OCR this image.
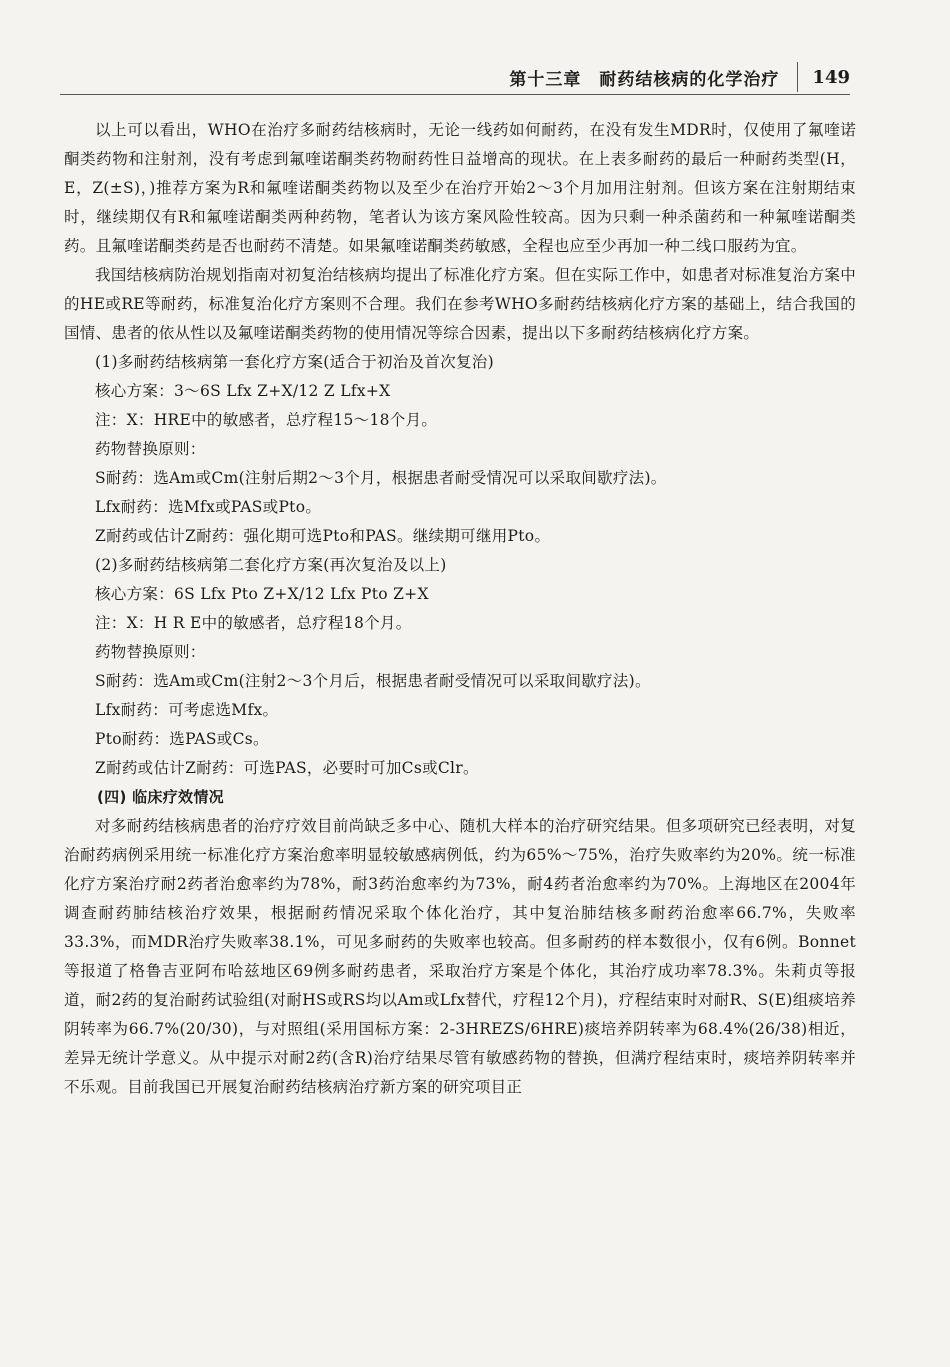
第十三章　耐药结核病的化学治疗	149

以上可以看出，WHO在治疗多耐药结核病时，无论一线药如何耐药，在没有发生MDR时，仅使用了氟喹诺酮类药物和注射剂，没有考虑到氟喹诺酮类药物耐药性日益增高的现状。在上表多耐药的最后一种耐药类型(H，E，Z(±S)，)推荐方案为R和氟喹诺酮类药物以及至少在治疗开始2～3个月加用注射剂。但该方案在注射期结束时，继续期仅有R和氟喹诺酮类两种药物，笔者认为该方案风险性较高。因为只剩一种杀菌药和一种氟喹诺酮类药。且氟喹诺酮类药是否也耐药不清楚。如果氟喹诺酮类药敏感，全程也应至少再加一种二线口服药为宜。

我国结核病防治规划指南对初复治结核病均提出了标准化疗方案。但在实际工作中，如患者对标准复治方案中的HE或RE等耐药，标准复治化疗方案则不合理。我们在参考WHO多耐药结核病化疗方案的基础上，结合我国的国情、患者的依从性以及氟喹诺酮类药物的使用情况等综合因素，提出以下多耐药结核病化疗方案。

(1)多耐药结核病第一套化疗方案(适合于初治及首次复治)

核心方案：3～6S Lfx Z+X/12 Z Lfx+X

注：X：HRE中的敏感者，总疗程15～18个月。

药物替换原则：

S耐药：选Am或Cm(注射后期2～3个月，根据患者耐受情况可以采取间歇疗法)。

Lfx耐药：选Mfx或PAS或Pto。

Z耐药或估计Z耐药：强化期可选Pto和PAS。继续期可继用Pto。

(2)多耐药结核病第二套化疗方案(再次复治及以上)

核心方案：6S Lfx Pto Z+X/12 Lfx Pto Z+X

注：X：H R E中的敏感者，总疗程18个月。

药物替换原则：

S耐药：选Am或Cm(注射2～3个月后，根据患者耐受情况可以采取间歇疗法)。

Lfx耐药：可考虑选Mfx。

Pto耐药：选PAS或Cs。

Z耐药或估计Z耐药：可选PAS，必要时可加Cs或Clr。

(四) 临床疗效情况

对多耐药结核病患者的治疗疗效目前尚缺乏多中心、随机大样本的治疗研究结果。但多项研究已经表明，对复治耐药病例采用统一标准化疗方案治愈率明显较敏感病例低，约为65%～75%，治疗失败率约为20%。统一标准化疗方案治疗耐2药者治愈率约为78%，耐3药治愈率约为73%，耐4药者治愈率约为70%。上海地区在2004年调查耐药肺结核治疗效果，根据耐药情况采取个体化治疗，其中复治肺结核多耐药治愈率66.7%，失败率33.3%，而MDR治疗失败率38.1%，可见多耐药的失败率也较高。但多耐药的样本数很小，仅有6例。Bonnet等报道了格鲁吉亚阿布哈兹地区69例多耐药患者，采取治疗方案是个体化，其治疗成功率78.3%。朱莉贞等报道，耐2药的复治耐药试验组(对耐HS或RS均以Am或Lfx替代，疗程12个月)，疗程结束时对耐R、S(E)组痰培养阴转率为66.7%(20/30)，与对照组(采用国标方案：2-3HREZS/6HRE)痰培养阴转率为68.4%(26/38)相近，差异无统计学意义。从中提示对耐2药(含R)治疗结果尽管有敏感药物的替换，但满疗程结束时，痰培养阴转率并不乐观。目前我国已开展复治耐药结核病治疗新方案的研究项目正
